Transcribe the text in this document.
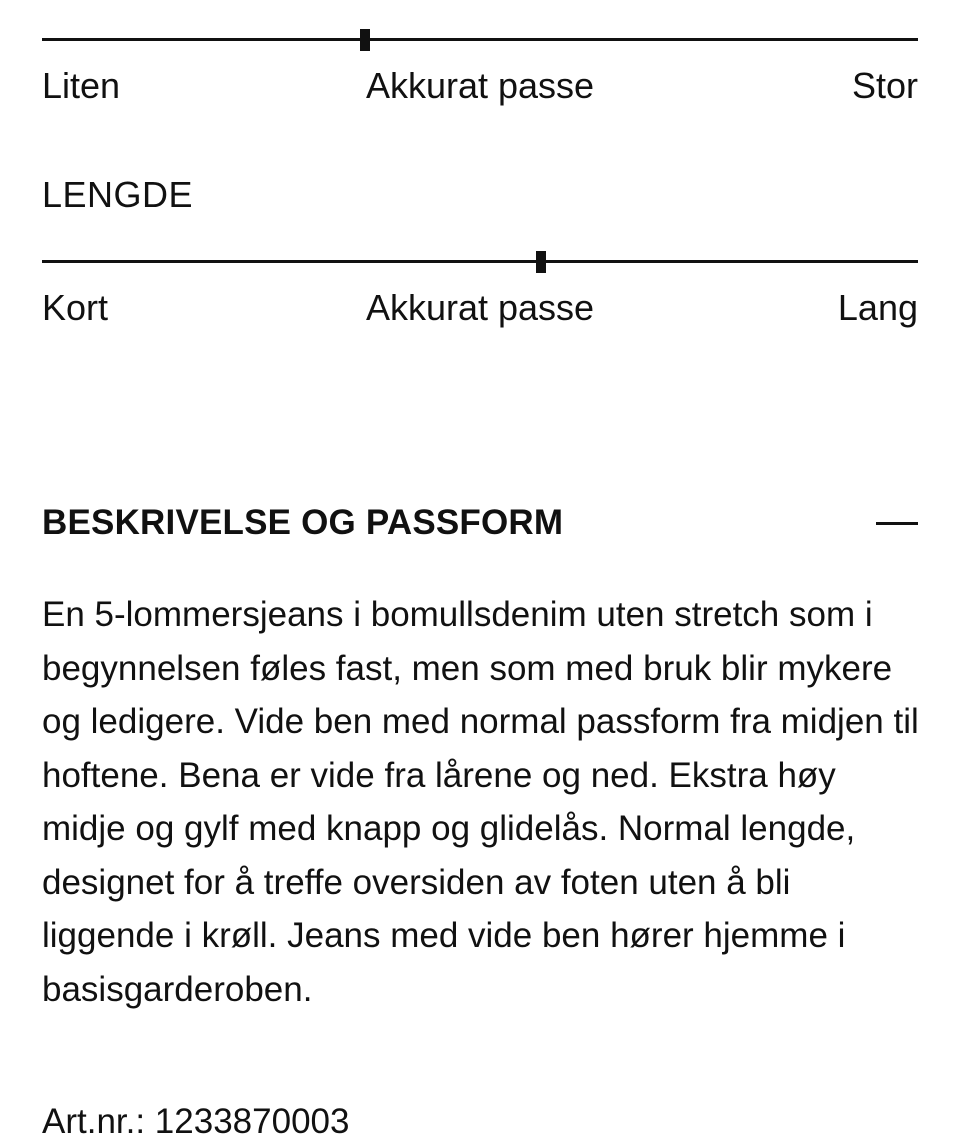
Liten	Akkurat passe	Stor
LENGDE
Kort	Akkurat passe	Lang
BESKRIVELSE OG PASSFORM

En 5-lommersjeans i bomullsdenim uten stretch som i begynnelsen føles fast, men som med bruk blir mykere og ledigere. Vide ben med normal passform fra midjen til hoftene. Bena er vide fra lårene og ned. Ekstra høy midje og gylf med knapp og glidelås. Normal lengde, designet for å treffe oversiden av foten uten å bli liggende i krøll. Jeans med vide ben hører hjemme i basisgarderoben.

Art.nr.: 1233870003
